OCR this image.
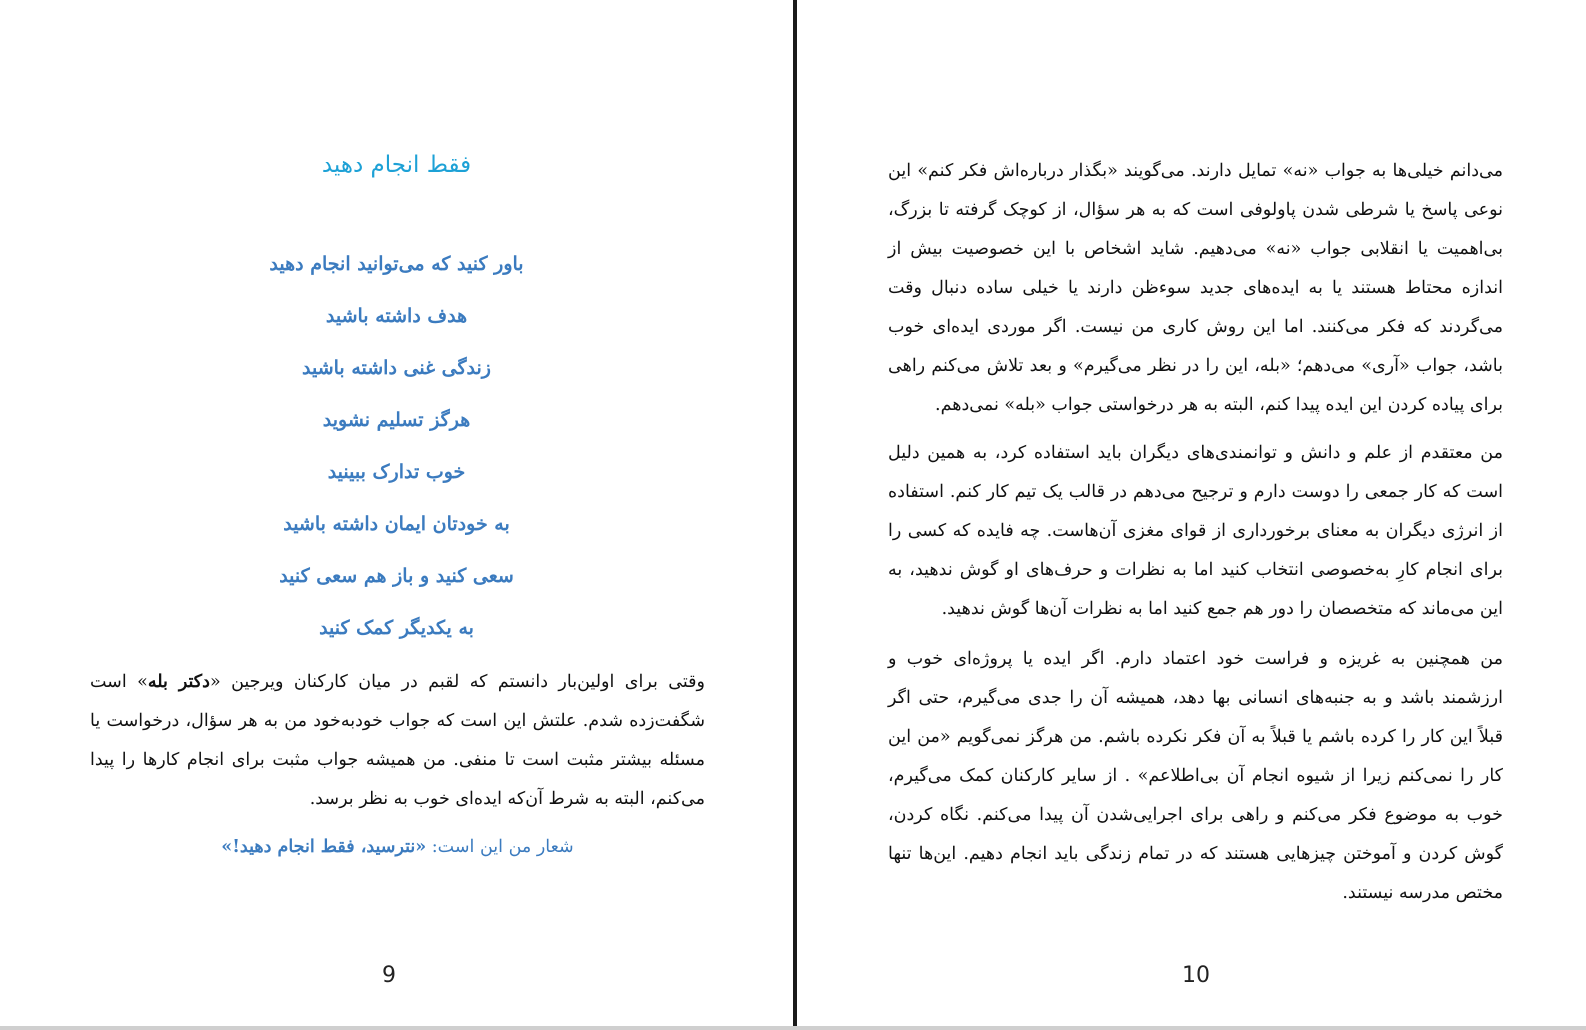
فقط انجام دهید
باور کنید که می‌توانید انجام دهید
هدف داشته باشید
زندگی غنی داشته باشید
هرگز تسلیم نشوید
خوب تدارک ببینید
به خودتان ایمان داشته باشید
سعی کنید و باز هم سعی کنید
به یکدیگر کمک کنید

وقتی برای اولین‌بار دانستم که لقبم در میان کارکنان ویرجین «دکتر بله» است شگفت‌زده شدم. علتش این است که جواب خودبه‌خود من به هر سؤال، درخواست یا مسئله بیشتر مثبت است تا منفی. من همیشه جواب مثبت برای انجام کارها را پیدا می‌کنم، البته به شرط آن‌که ایده‌ای خوب به نظر برسد.

شعار من این است: «نترسید، فقط انجام دهید!»

می‌دانم خیلی‌ها به جواب «نه» تمایل دارند. می‌گویند «بگذار درباره‌اش فکر کنم» این نوعی پاسخ یا شرطی شدن پاولوفی است که به هر سؤال، از کوچک گرفته تا بزرگ، بی‌اهمیت یا انقلابی جواب «نه» می‌دهیم. شاید اشخاص با این خصوصیت بیش از اندازه محتاط هستند یا به ایده‌های جدید سوءظن دارند یا خیلی ساده دنبال وقت می‌گردند که فکر می‌کنند. اما این روش کاری من نیست. اگر موردی ایده‌ای خوب باشد، جواب «آری» می‌دهم؛ «بله، این را در نظر می‌گیرم» و بعد تلاش می‌کنم راهی برای پیاده کردن این ایده پیدا کنم، البته به هر درخواستی جواب «بله» نمی‌دهم.

من معتقدم از علم و دانش و توانمندی‌های دیگران باید استفاده کرد، به همین دلیل است که کار جمعی را دوست دارم و ترجیح می‌دهم در قالب یک تیم کار کنم. استفاده از انرژی دیگران به معنای برخورداری از قوای مغزی آن‌هاست. چه فایده که کسی را برای انجام کارِ به‌خصوصی انتخاب کنید اما به نظرات و حرف‌های او گوش ندهید، به این می‌ماند که متخصصان را دور هم جمع کنید اما به نظرات آن‌ها گوش ندهید.

من همچنین به غریزه و فراست خود اعتماد دارم. اگر ایده یا پروژه‌ای خوب و ارزشمند باشد و به جنبه‌های انسانی بها دهد، همیشه آن را جدی می‌گیرم، حتی اگر قبلاً این کار را کرده باشم یا قبلاً به آن فکر نکرده باشم. من هرگز نمی‌گویم «من این کار را نمی‌کنم زیرا از شیوه انجام آن بی‌اطلاعم» . از سایر کارکنان کمک می‌گیرم، خوب به موضوع فکر می‌کنم و راهی برای اجرایی‌شدن آن پیدا می‌کنم. نگاه کردن، گوش کردن و آموختن چیزهایی هستند که در تمام زندگی باید انجام دهیم. این‌ها تنها مختص مدرسه نیستند.

9	10
